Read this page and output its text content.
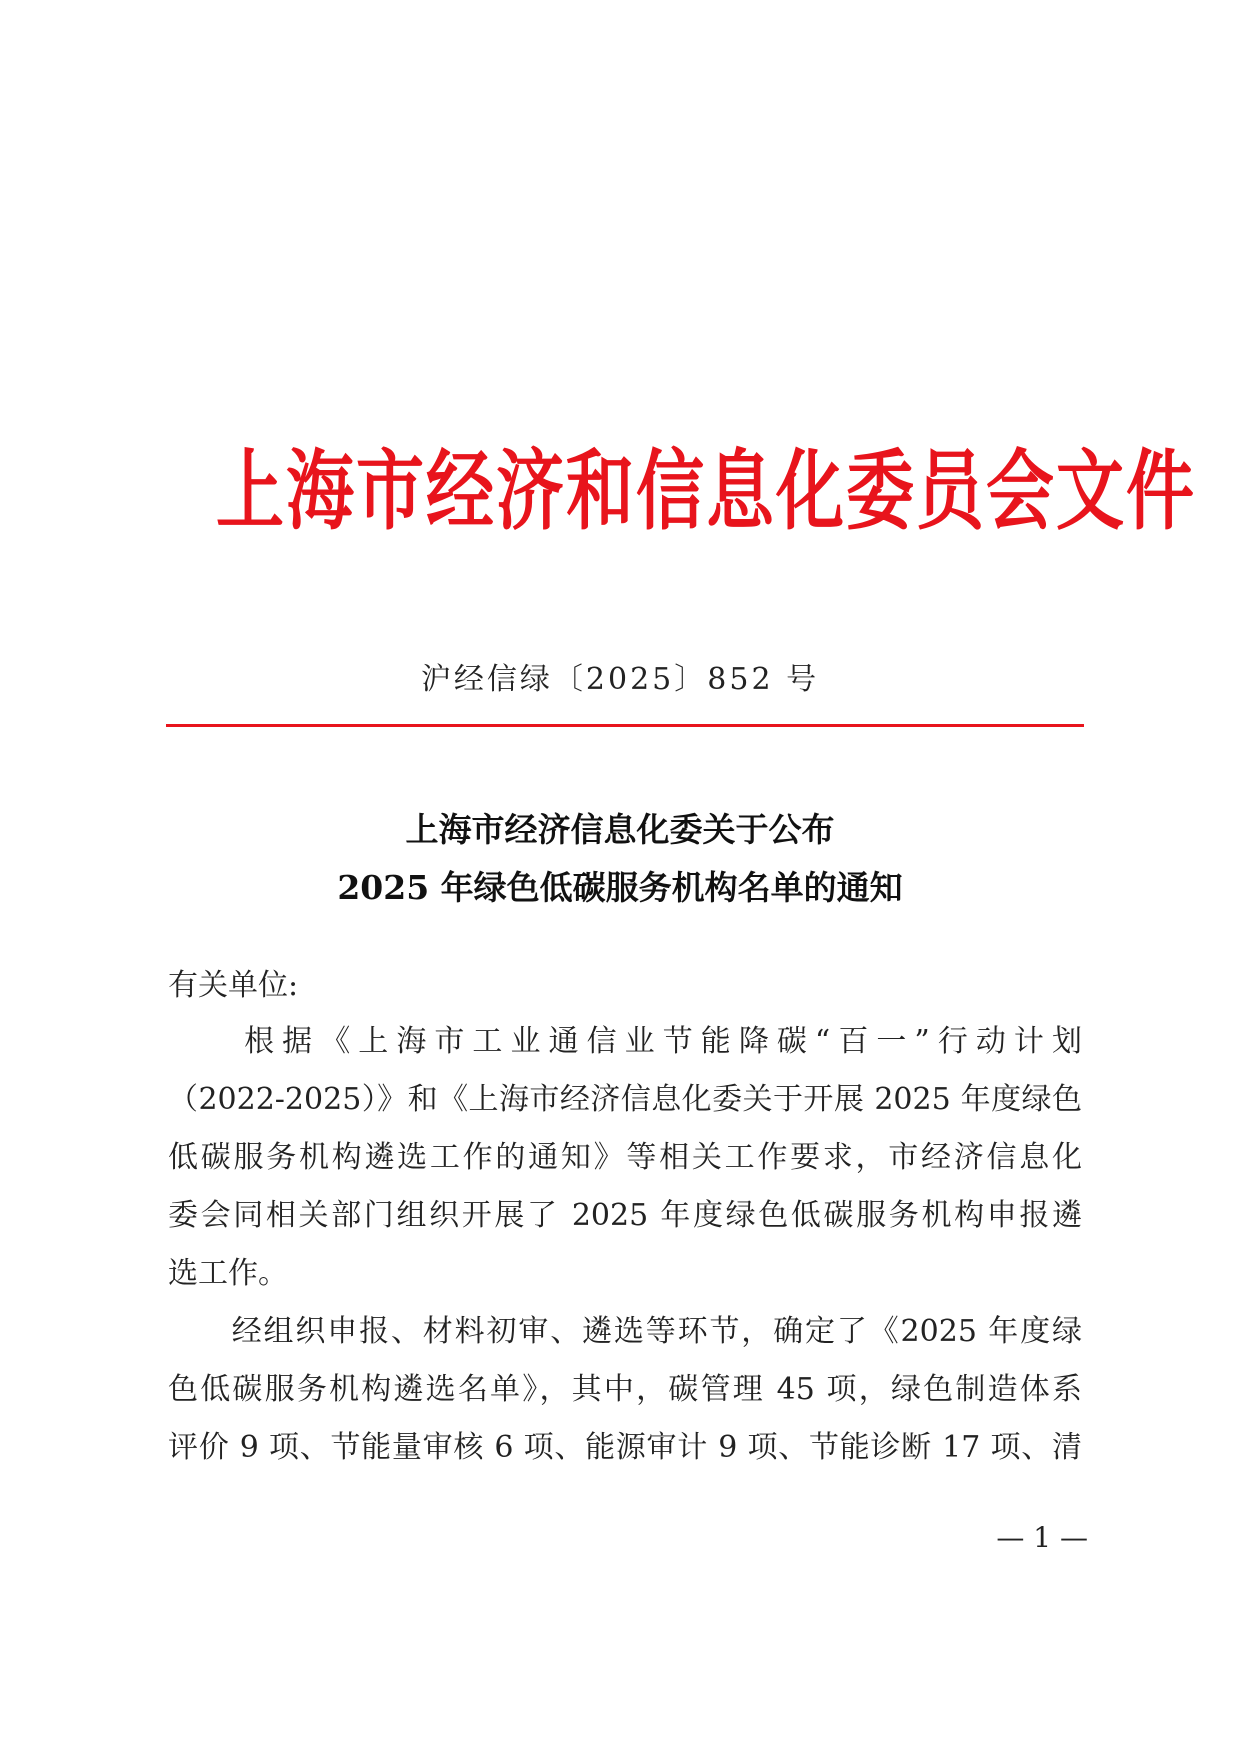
上海市经济和信息化委员会文件
沪经信绿〔2025〕852 号
上海市经济信息化委关于公布
2025 年绿色低碳服务机构名单的通知
有关单位:
　　根据《上海市工业通信业节能降碳“百一”行动计划
（2022-2025）》和《上海市经济信息化委关于开展 2025 年度绿色
低碳服务机构遴选工作的通知》等相关工作要求，市经济信息化
委会同相关部门组织开展了 2025 年度绿色低碳服务机构申报遴
选工作。
　　经组织申报、材料初审、遴选等环节，确定了《2025 年度绿
色低碳服务机构遴选名单》，其中，碳管理 45 项，绿色制造体系
评价 9 项、节能量审核 6 项、能源审计 9 项、节能诊断 17 项、清
— 1 —
